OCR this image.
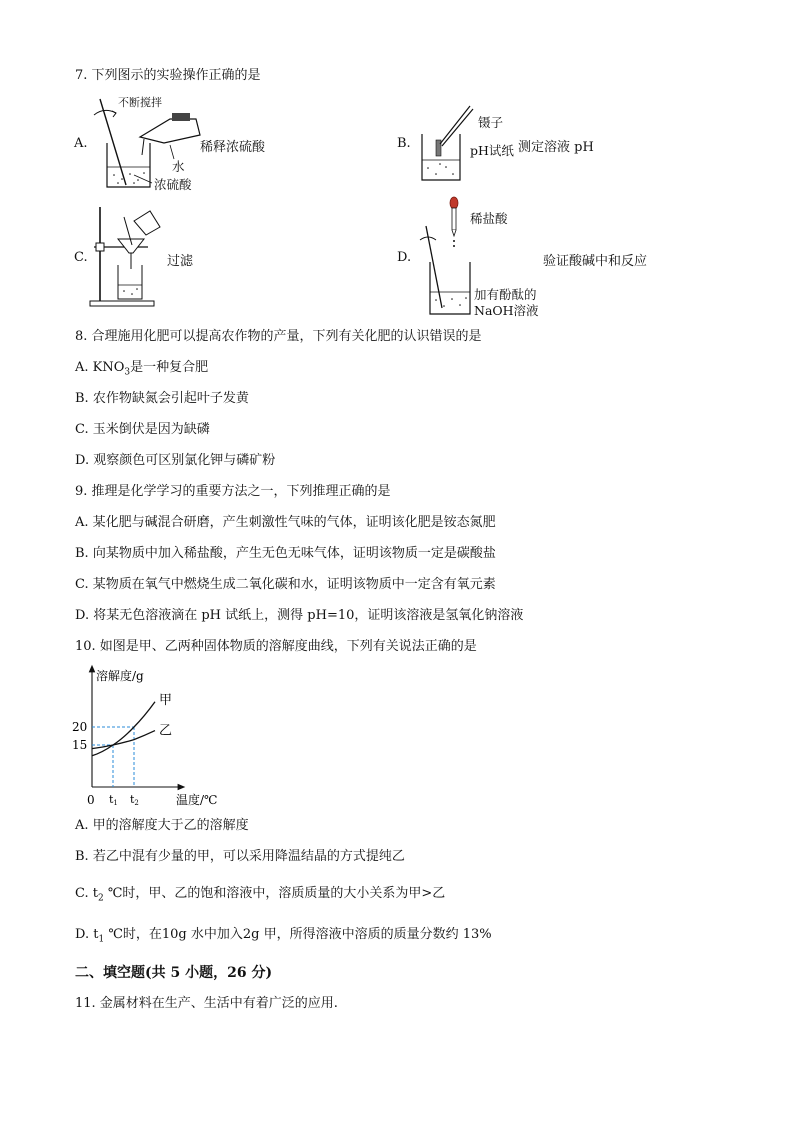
7. 下列图示的实验操作正确的是
A.
不断搅拌
水
浓硫酸
稀释浓硫酸	B.
镊子
pH试纸 测定溶液 pH
C.	过滤	D.
稀盐酸
加有酚酞的
NaOH溶液
验证酸碱中和反应
8. 合理施用化肥可以提高农作物的产量，下列有关化肥的认识错误的是
A. $KNO_3$是一种复合肥
B. 农作物缺氮会引起叶子发黄
C. 玉米倒伏是因为缺磷
D. 观察颜色可区别氯化钾与磷矿粉
9. 推理是化学学习的重要方法之一，下列推理正确的是
A. 某化肥与碱混合研磨，产生刺激性气味的气体，证明该化肥是铵态氮肥
B. 向某物质中加入稀盐酸，产生无色无味气体，证明该物质一定是碳酸盐
C. 某物质在氧气中燃烧生成二氧化碳和水，证明该物质中一定含有氧元素
D. 将某无色溶液滴在 pH 试纸上，测得 pH=10，证明该溶液是氢氧化钠溶液
10. 如图是甲、乙两种固体物质的溶解度曲线，下列有关说法正确的是
溶解度/g
温度/℃
0
甲
乙
15
20
t1 t2
A. 甲的溶解度大于乙的溶解度
B. 若乙中混有少量的甲，可以采用降温结晶的方式提纯乙
C. $t_2$ ℃时，甲、乙的饱和溶液中，溶质质量的大小关系为甲>乙
D. $t_1$ ℃时，在10g 水中加入2g 甲，所得溶液中溶质的质量分数约 13%
二、填空题(共 5 小题，26 分)
11. 金属材料在生产、生活中有着广泛的应用.
